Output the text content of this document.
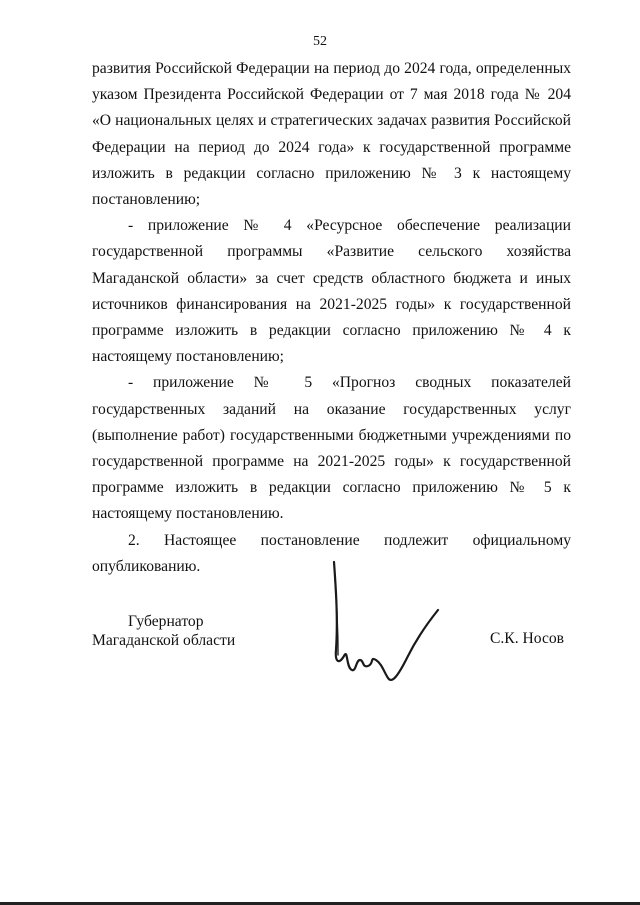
52

развития Российской Федерации на период до 2024 года, определенных указом Президента Российской Федерации от 7 мая 2018 года № 204 «О национальных целях и стратегических задачах развития Российской Федерации на период до 2024 года» к государственной программе изложить в редакции согласно приложению № 3 к настоящему постановлению;

- приложение № 4 «Ресурсное обеспечение реализации государственной программы «Развитие сельского хозяйства Магаданской области» за счет средств областного бюджета и иных источников финансирования на 2021-2025 годы» к государственной программе изложить в редакции согласно приложению № 4 к настоящему постановлению;

- приложение № 5 «Прогноз сводных показателей государственных заданий на оказание государственных услуг (выполнение работ) государственными бюджетными учреждениями по государственной программе на 2021-2025 годы» к государственной программе изложить в редакции согласно приложению № 5 к настоящему постановлению.

2. Настоящее постановление подлежит официальному опубликованию.

Губернатор
Магаданской области	С.К. Носов
